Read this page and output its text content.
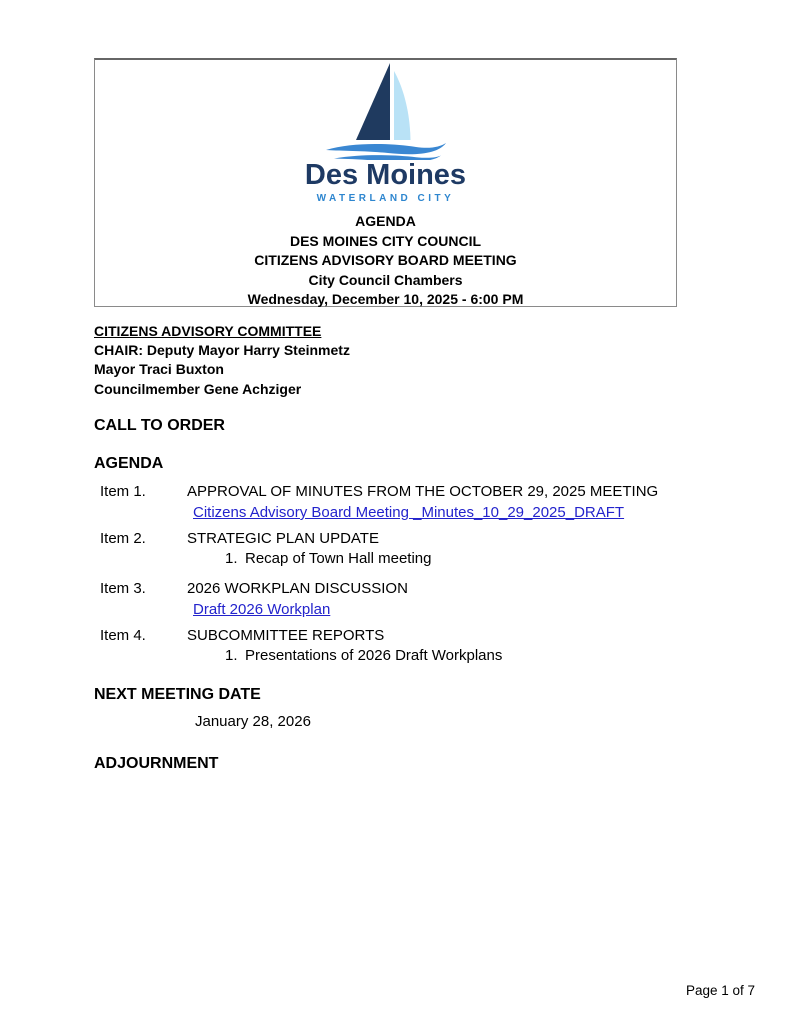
Des Moines
WATERLAND CITY
AGENDA
DES MOINES CITY COUNCIL
CITIZENS ADVISORY BOARD MEETING
City Council Chambers
Wednesday, December 10, 2025 - 6:00 PM
CITIZENS ADVISORY COMMITTEE
CHAIR: Deputy Mayor Harry Steinmetz
Mayor Traci Buxton
Councilmember Gene Achziger
CALL TO ORDER
AGENDA
Item 1.	APPROVAL OF MINUTES FROM THE OCTOBER 29, 2025 MEETING
Citizens Advisory Board Meeting _Minutes_10_29_2025_DRAFT
Item 2.	STRATEGIC PLAN UPDATE
1. Recap of Town Hall meeting
Item 3.	2026 WORKPLAN DISCUSSION
Draft 2026 Workplan
Item 4.	SUBCOMMITTEE REPORTS
1. Presentations of 2026 Draft Workplans
NEXT MEETING DATE
January 28, 2026
ADJOURNMENT
Page 1 of 7
